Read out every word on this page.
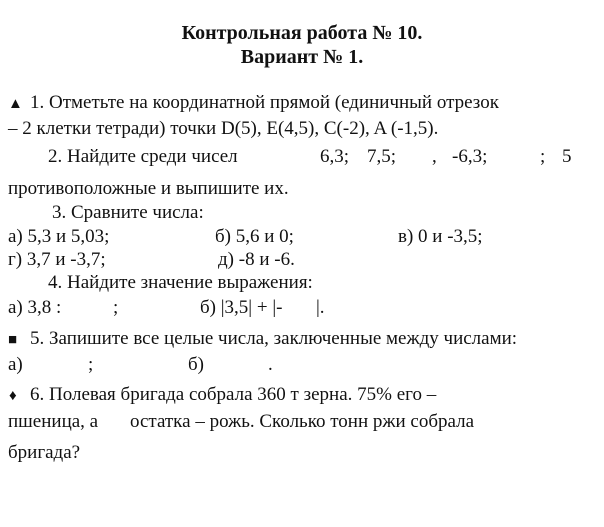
Контрольная работа № 10.
Вариант № 1.
▲ 1. Отметьте на координатной прямой (единичный отрезок
– 2 клетки тетради) точки D(5), E(4,5), C(-2), A (-1,5).
2. Найдите среди чисел	6,3; 7,5; , -6,3;	; 5
противоположные и выпишите их.
3. Сравните числа:
а) 5,3 и 5,03;	б) 5,6 и 0;	в) 0 и -3,5;
г) 3,7 и -3,7;	д) -8 и -6.
4. Найдите значение выражения:
а) 3,8 :	;	б) |3,5| + |- |.
■ 5. Запишите все целые числа, заключенные между числами:
а)	;	б)	.
♦ 6. Полевая бригада собрала 360 т зерна. 75% его –
пшеница, а остатка – рожь. Сколько тонн ржи собрала
бригада?
